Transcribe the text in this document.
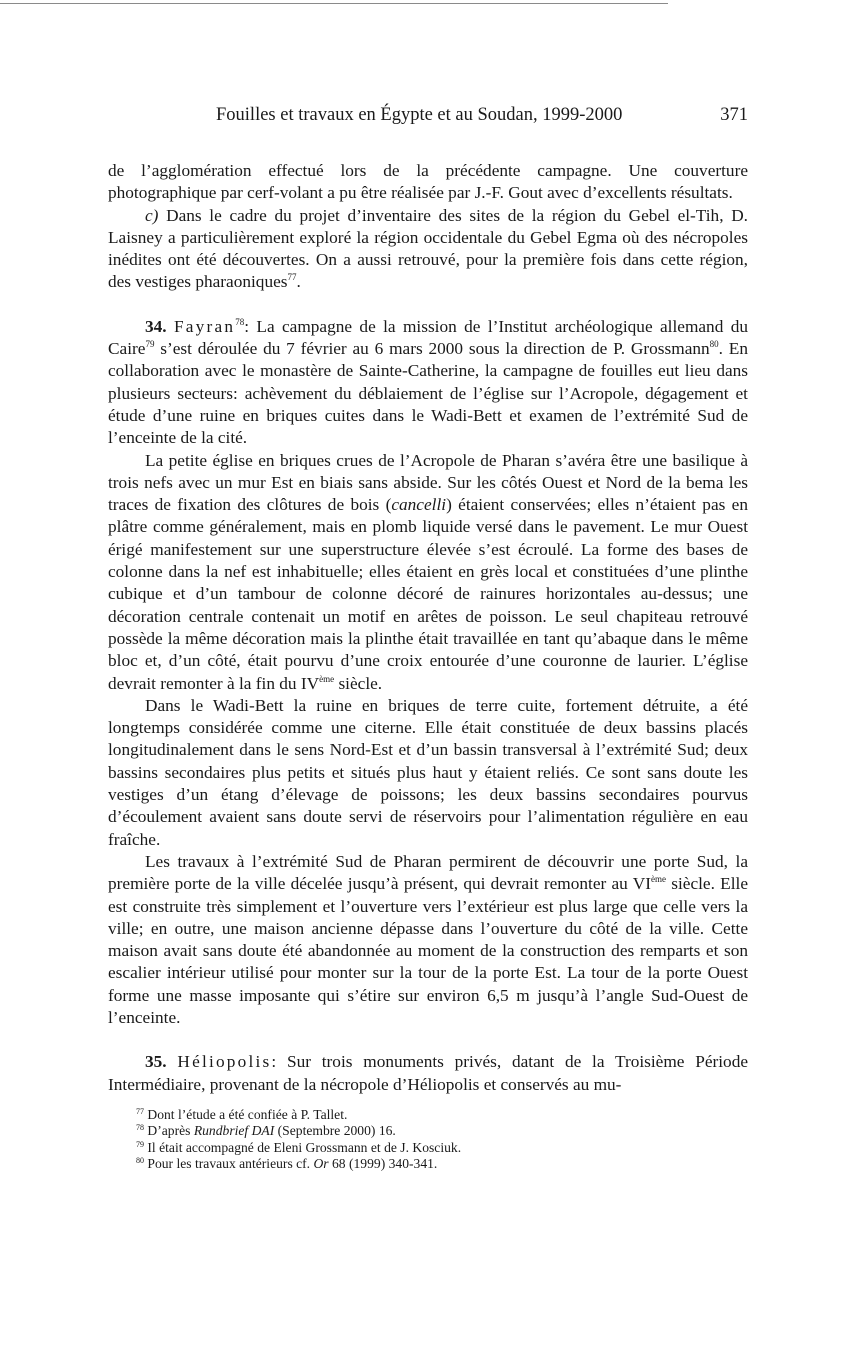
Fouilles et travaux en Égypte et au Soudan, 1999-2000	371

de l’agglomération effectué lors de la précédente campagne. Une couverture photographique par cerf-volant a pu être réalisée par J.-F. Gout avec d’excellents résultats.

c) Dans le cadre du projet d’inventaire des sites de la région du Gebel el-Tih, D. Laisney a particulièrement exploré la région occidentale du Gebel Egma où des nécropoles inédites ont été découvertes. On a aussi retrouvé, pour la première fois dans cette région, des vestiges pharaoniques$^{77}$.

34. Fayran$^{78}$: La campagne de la mission de l’Institut archéologique allemand du Caire$^{79}$ s’est déroulée du 7 février au 6 mars 2000 sous la direction de P. Grossmann$^{80}$. En collaboration avec le monastère de Sainte-Catherine, la campagne de fouilles eut lieu dans plusieurs secteurs: achèvement du déblaiement de l’église sur l’Acropole, dégagement et étude d’une ruine en briques cuites dans le Wadi-Bett et examen de l’extrémité Sud de l’enceinte de la cité.

La petite église en briques crues de l’Acropole de Pharan s’avéra être une basilique à trois nefs avec un mur Est en biais sans abside. Sur les côtés Ouest et Nord de la bema les traces de fixation des clôtures de bois (cancelli) étaient conservées; elles n’étaient pas en plâtre comme généralement, mais en plomb liquide versé dans le pavement. Le mur Ouest érigé manifestement sur une superstructure élevée s’est écroulé. La forme des bases de colonne dans la nef est inhabituelle; elles étaient en grès local et constituées d’une plinthe cubique et d’un tambour de colonne décoré de rainures horizontales au-dessus; une décoration centrale contenait un motif en arêtes de poisson. Le seul chapiteau retrouvé possède la même décoration mais la plinthe était travaillée en tant qu’abaque dans le même bloc et, d’un côté, était pourvu d’une croix entourée d’une couronne de laurier. L’église devrait remonter à la fin du IVème siècle.

Dans le Wadi-Bett la ruine en briques de terre cuite, fortement détruite, a été longtemps considérée comme une citerne. Elle était constituée de deux bassins placés longitudinalement dans le sens Nord-Est et d’un bassin transversal à l’extrémité Sud; deux bassins secondaires plus petits et situés plus haut y étaient reliés. Ce sont sans doute les vestiges d’un étang d’élevage de poissons; les deux bassins secondaires pourvus d’écoulement avaient sans doute servi de réservoirs pour l’alimentation régulière en eau fraîche.

Les travaux à l’extrémité Sud de Pharan permirent de découvrir une porte Sud, la première porte de la ville décelée jusqu’à présent, qui devrait remonter au VIème siècle. Elle est construite très simplement et l’ouverture vers l’extérieur est plus large que celle vers la ville; en outre, une maison ancienne dépasse dans l’ouverture du côté de la ville. Cette maison avait sans doute été abandonnée au moment de la construction des remparts et son escalier intérieur utilisé pour monter sur la tour de la porte Est. La tour de la porte Ouest forme une masse imposante qui s’étire sur environ 6,5 m jusqu’à l’angle Sud-Ouest de l’enceinte.

35. Héliopolis: Sur trois monuments privés, datant de la Troisième Période Intermédiaire, provenant de la nécropole d’Héliopolis et conservés au mu-

$^{77}$ Dont l’étude a été confiée à P. Tallet.

$^{78}$ D’après Rundbrief DAI (Septembre 2000) 16.

$^{79}$ Il était accompagné de Eleni Grossmann et de J. Kosciuk.

$^{80}$ Pour les travaux antérieurs cf. Or 68 (1999) 340-341.
